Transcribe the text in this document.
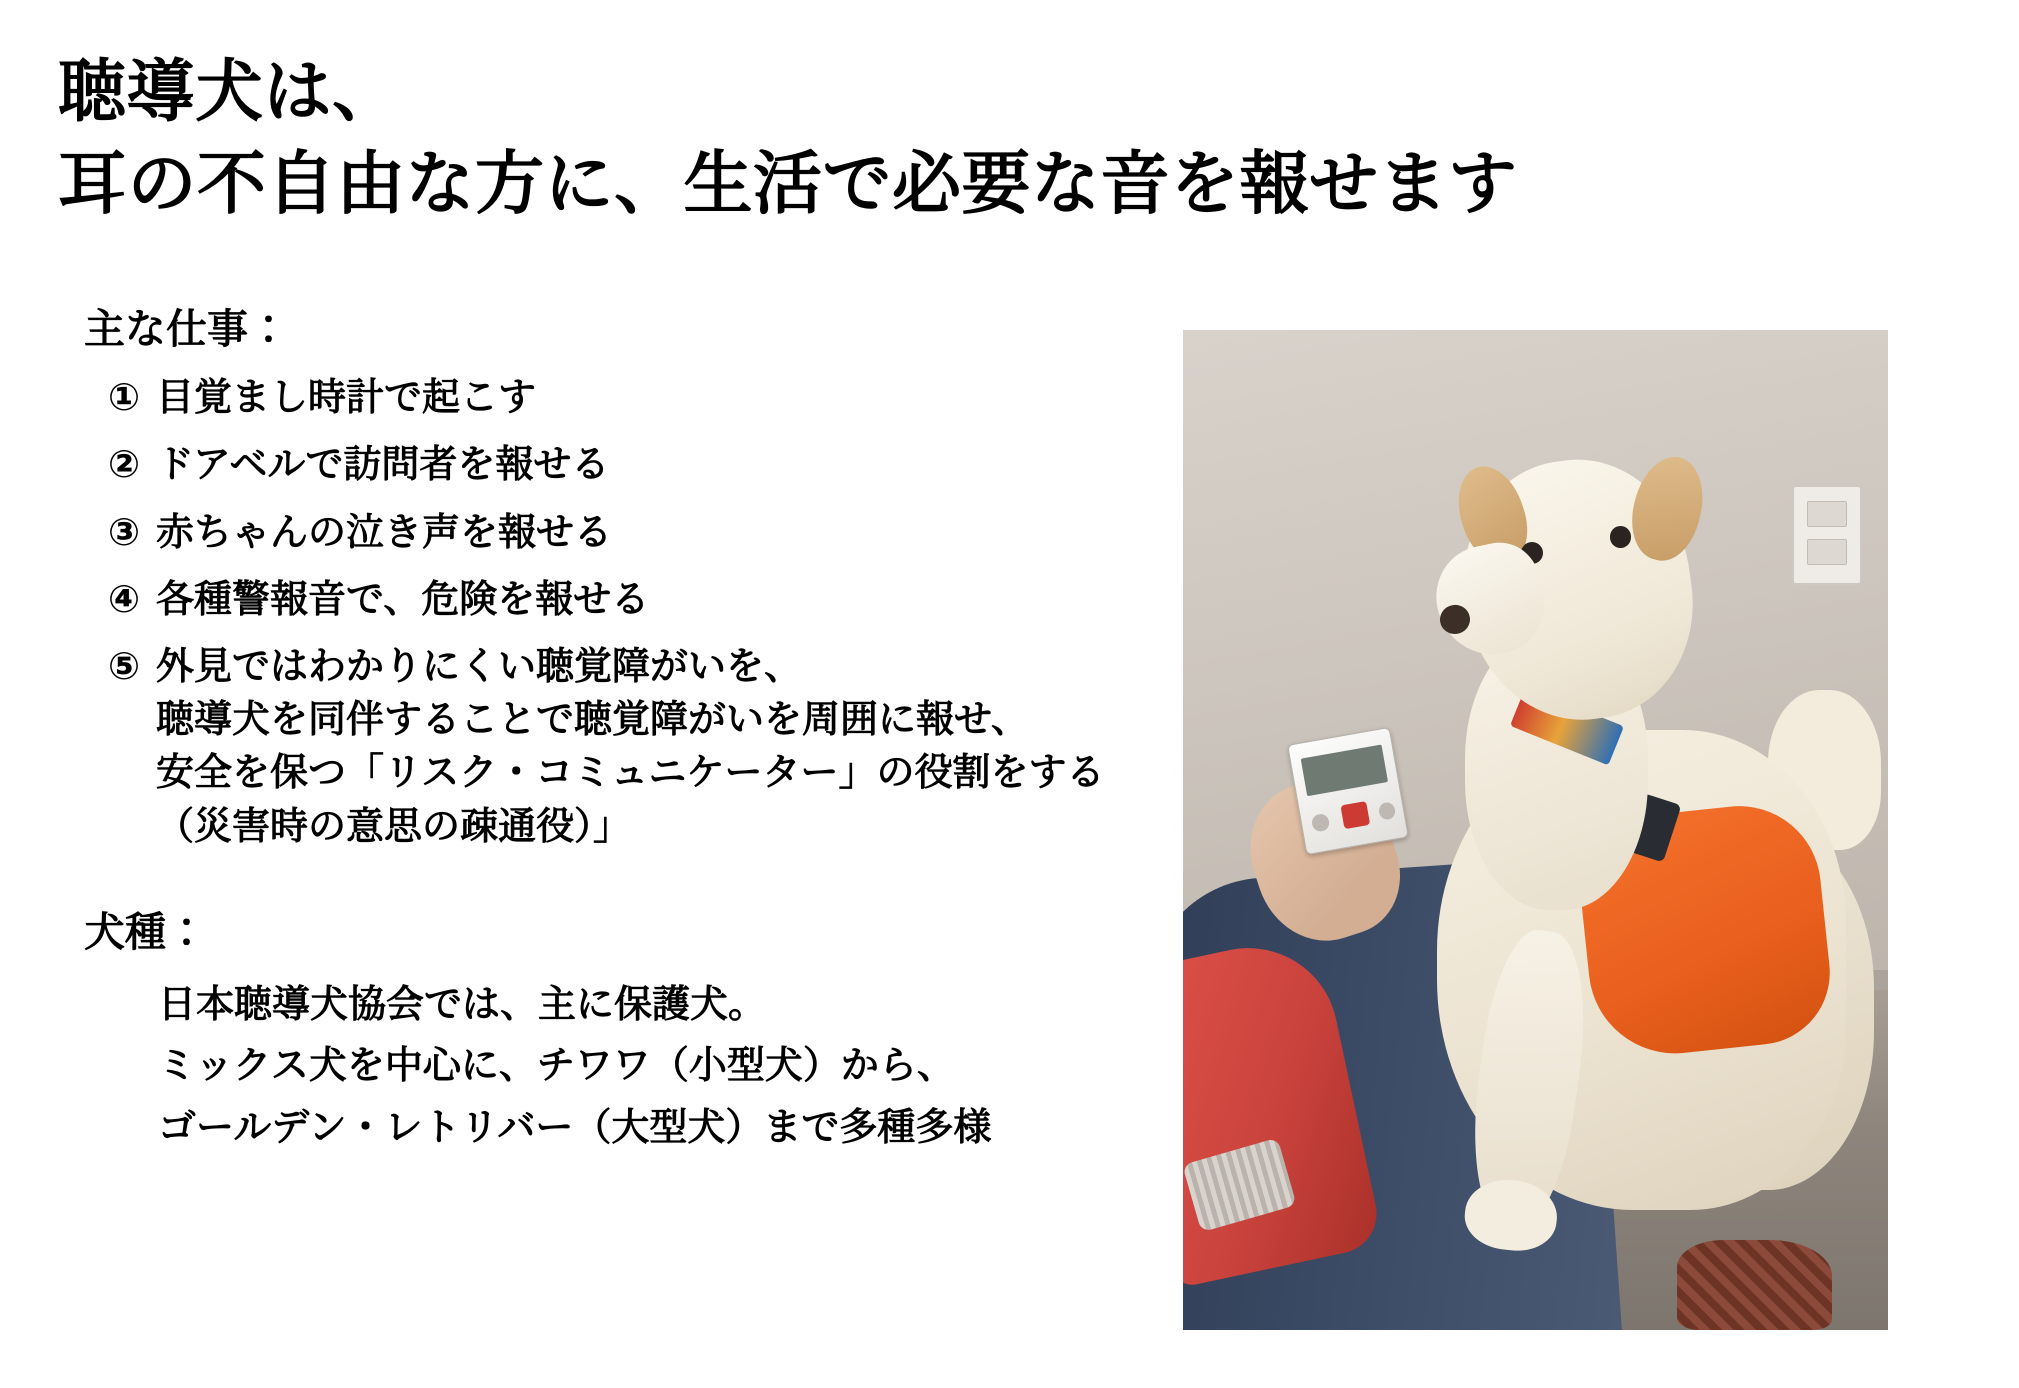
聴導犬は、
耳の不自由な方に、生活で必要な音を報せます
主な仕事：
① 目覚まし時計で起こす
② ドアベルで訪問者を報せる
③ 赤ちゃんの泣き声を報せる
④ 各種警報音で、危険を報せる
⑤ 外見ではわかりにくい聴覚障がいを、
聴導犬を同伴することで聴覚障がいを周囲に報せ、
安全を保つ「リスク・コミュニケーター」の役割をする
（災害時の意思の疎通役）」
犬種：
日本聴導犬協会では、主に保護犬。
ミックス犬を中心に、チワワ（小型犬）から、
ゴールデン・レトリバー（大型犬）まで多種多様
